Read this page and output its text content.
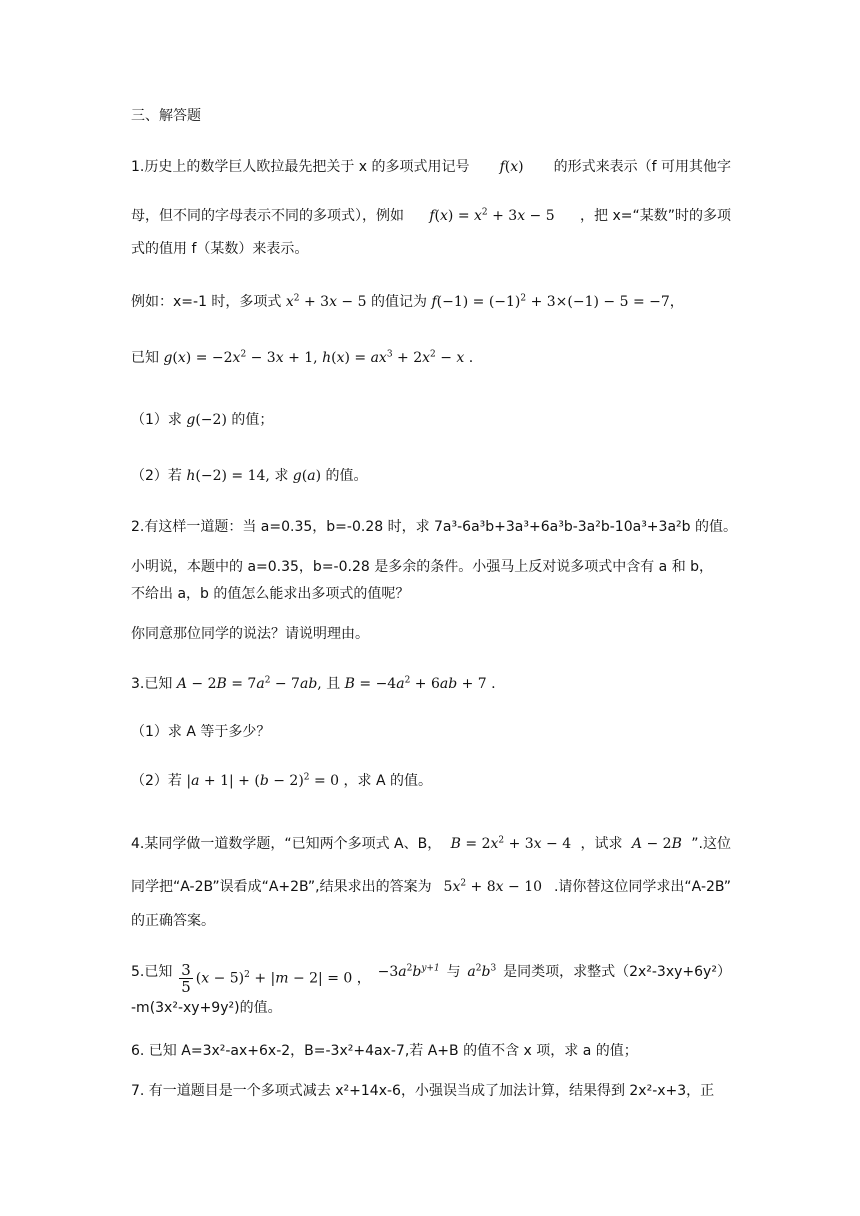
三、解答题
1.历史上的数学巨人欧拉最先把关于 x 的多项式用记号 f(x) 的形式来表示（f 可用其他字
母，但不同的字母表示不同的多项式），例如 $f(x) = x^2 + 3x - 5$ ，把 x=“某数”时的多项
式的值用 f（某数）来表示。
例如：x=-1 时，多项式 $x^2 + 3x - 5$ 的值记为 $f(-1) = (-1)^2 + 3\times(-1) - 5 = -7$，
已知 $g(x) = -2x^2 - 3x + 1$, $h(x) = ax^3 + 2x^2 - x$ .
（1）求 g(−2) 的值；
（2）若 h(−2) = 14, 求 g(a) 的值。
2.有这样一道题：当 a=0.35，b=-0.28 时，求 7a³-6a³b+3a³+6a³b-3a²b-10a³+3a²b 的值。
小明说，本题中的 a=0.35，b=-0.28 是多余的条件。小强马上反对说多项式中含有 a 和 b，
不给出 a，b 的值怎么能求出多项式的值呢？
你同意那位同学的说法？请说明理由。
3.已知 $A - 2B = 7a^2 - 7ab$, 且 $B = -4a^2 + 6ab + 7$ .
（1）求 A 等于多少？
（2）若 $|a + 1| + (b - 2)^2 = 0$ ，求 A 的值。
4.某同学做一道数学题，“已知两个多项式 A、B， $B = 2x^2 + 3x - 4$ ，试求 A − 2B ”.这位
同学把“A-2B”误看成“A+2B”,结果求出的答案为 $5x^2 + 8x - 10$ .请你替这位同学求出“A-2B”
的正确答案。
5.已知 $\frac{3}{5} (x - 5)^2 + |m - 2| = 0$ ， $-3a^2b^{y+1}$ 与 $a^2b^3$ 是同类项，求整式（2x²-3xy+6y²）
-m(3x²-xy+9y²)的值。
6. 已知 A=3x²-ax+6x-2，B=-3x²+4ax-7,若 A+B 的值不含 x 项，求 a 的值；
7. 有一道题目是一个多项式减去 x²+14x-6，小强误当成了加法计算，结果得到 2x²-x+3，正
